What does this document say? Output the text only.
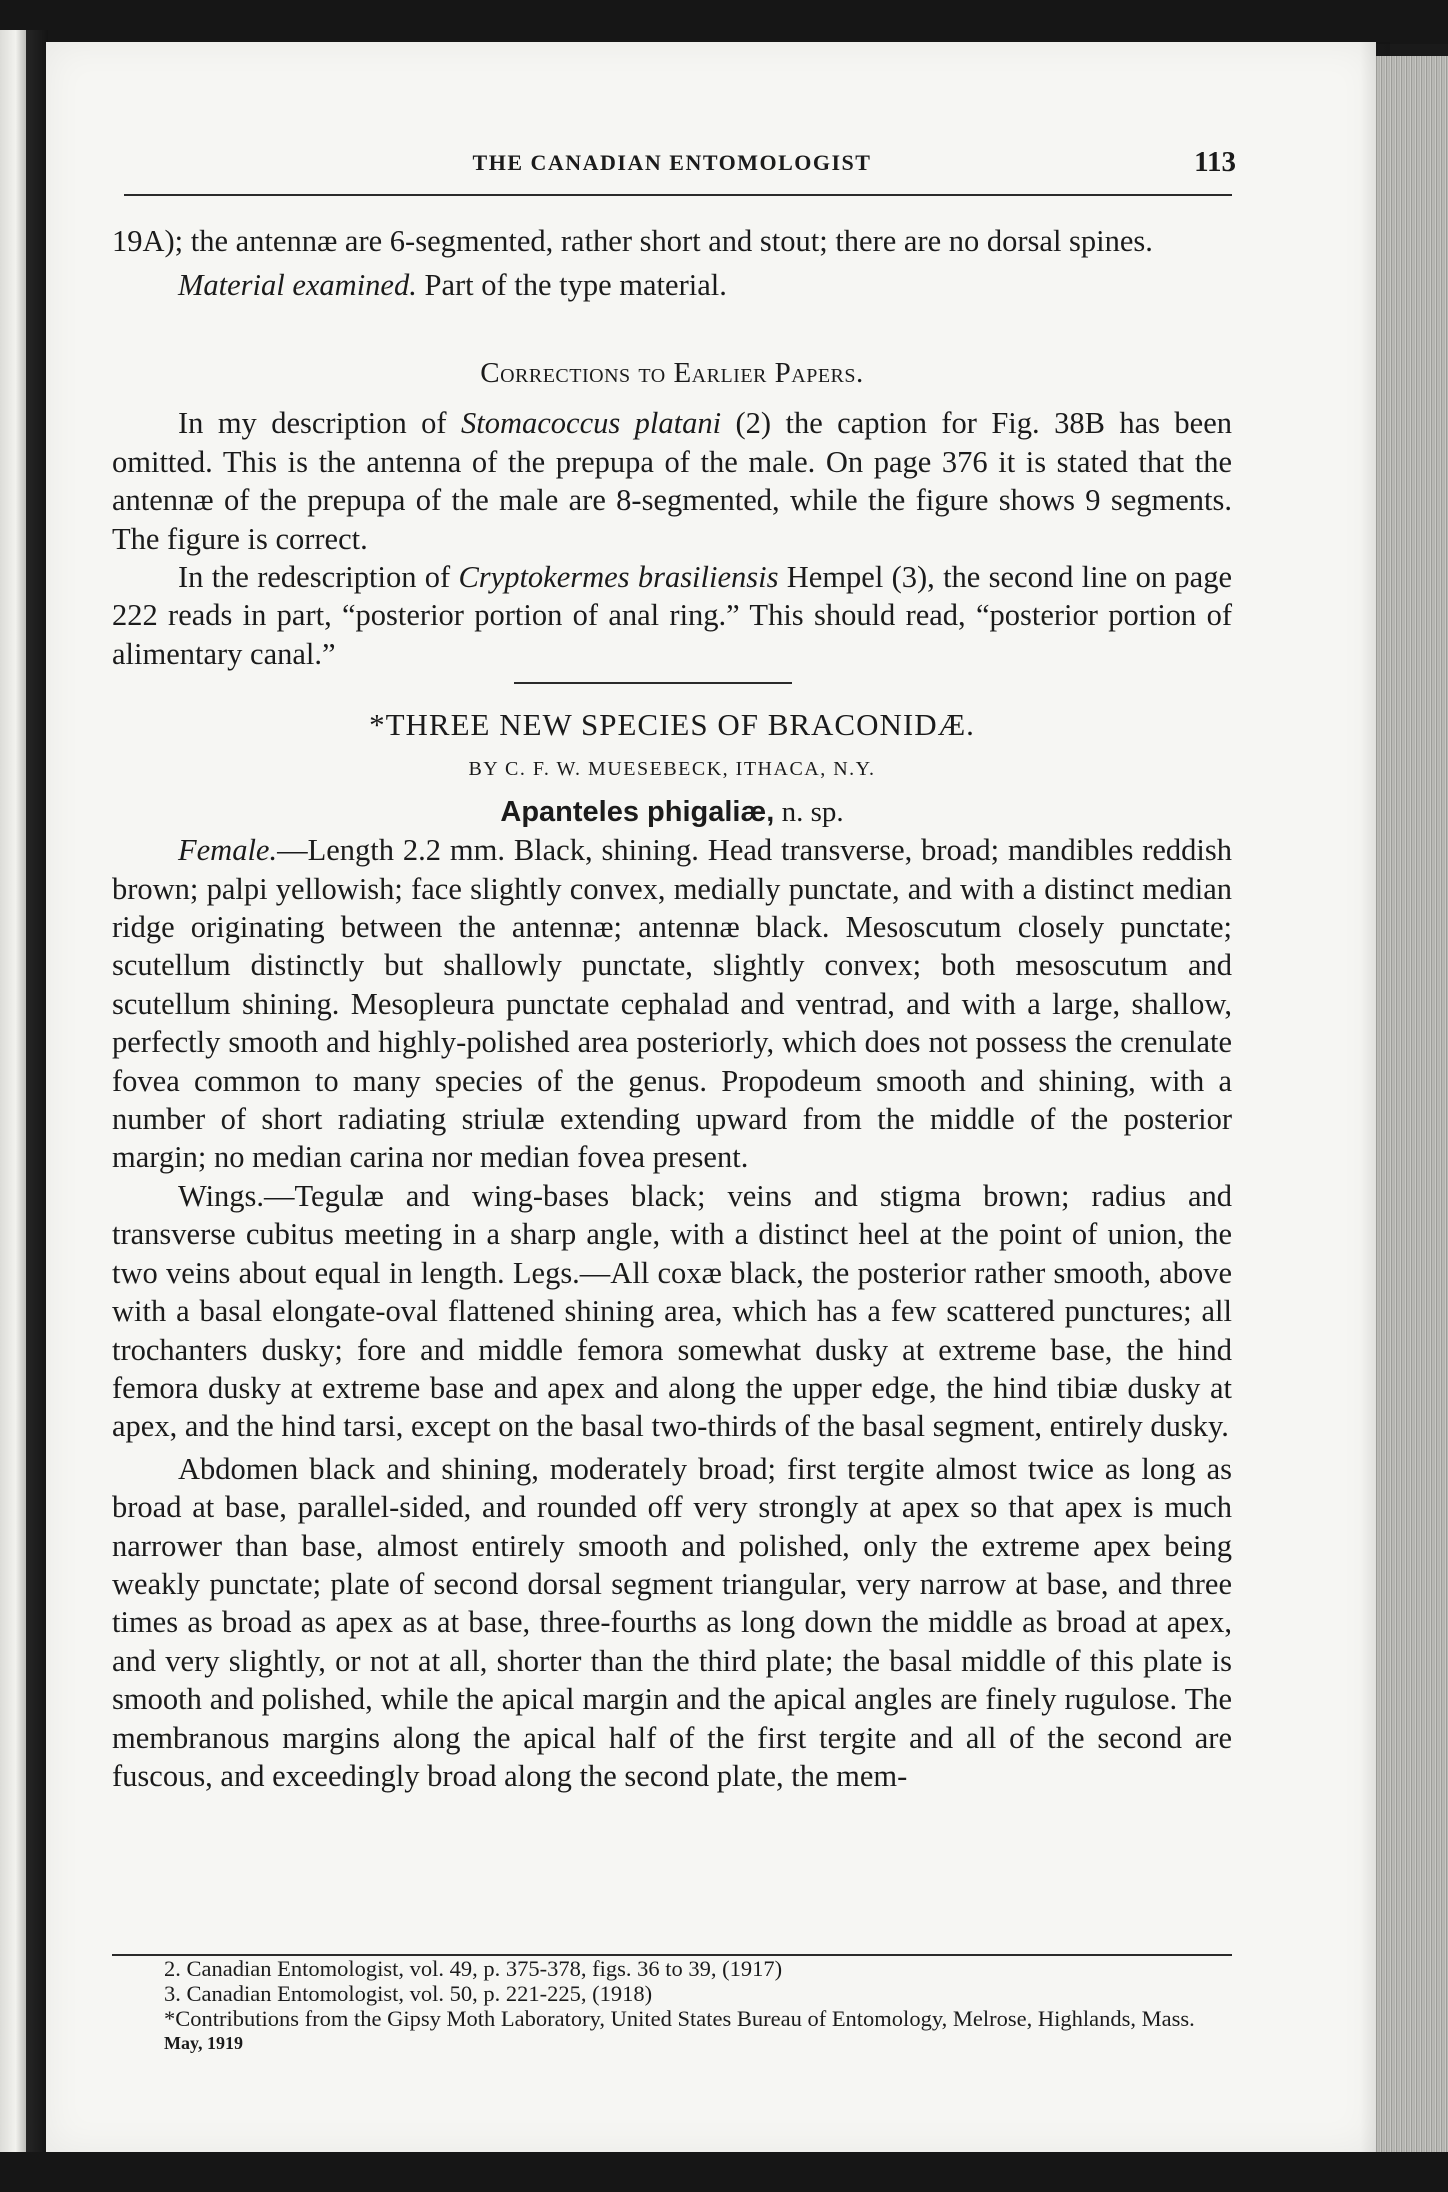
THE CANADIAN ENTOMOLOGIST	113

19A); the antennæ are 6-segmented, rather short and stout; there are no dorsal spines.

Material examined. Part of the type material.

Corrections to Earlier Papers.

In my description of Stomacoccus platani (2) the caption for Fig. 38B has been omitted. This is the antenna of the prepupa of the male. On page 376 it is stated that the antennæ of the prepupa of the male are 8-segmented, while the figure shows 9 segments. The figure is correct.

In the redescription of Cryptokermes brasiliensis Hempel (3), the second line on page 222 reads in part, “posterior portion of anal ring.” This should read, “posterior portion of alimentary canal.”

*THREE NEW SPECIES OF BRACONIDÆ.

BY C. F. W. MUESEBECK, ITHACA, N.Y.

Apanteles phigaliæ, n. sp.

Female.—Length 2.2 mm. Black, shining. Head transverse, broad; mandibles reddish brown; palpi yellowish; face slightly convex, medially punctate, and with a distinct median ridge originating between the antennæ; antennæ black. Mesoscutum closely punctate; scutellum distinctly but shallowly punctate, slightly convex; both mesoscutum and scutellum shining. Mesopleura punctate cephalad and ventrad, and with a large, shallow, perfectly smooth and highly-polished area posteriorly, which does not possess the crenulate fovea common to many species of the genus. Propodeum smooth and shining, with a number of short radiating striulæ extending upward from the middle of the posterior margin; no median carina nor median fovea present.

Wings.—Tegulæ and wing-bases black; veins and stigma brown; radius and transverse cubitus meeting in a sharp angle, with a distinct heel at the point of union, the two veins about equal in length. Legs.—All coxæ black, the posterior rather smooth, above with a basal elongate-oval flattened shining area, which has a few scattered punctures; all trochanters dusky; fore and middle femora somewhat dusky at extreme base, the hind femora dusky at extreme base and apex and along the upper edge, the hind tibiæ dusky at apex, and the hind tarsi, except on the basal two-thirds of the basal segment, entirely dusky.

Abdomen black and shining, moderately broad; first tergite almost twice as long as broad at base, parallel-sided, and rounded off very strongly at apex so that apex is much narrower than base, almost entirely smooth and polished, only the extreme apex being weakly punctate; plate of second dorsal segment triangular, very narrow at base, and three times as broad as apex as at base, three-fourths as long down the middle as broad at apex, and very slightly, or not at all, shorter than the third plate; the basal middle of this plate is smooth and polished, while the apical margin and the apical angles are finely rugulose. The membranous margins along the apical half of the first tergite and all of the second are fuscous, and exceedingly broad along the second plate, the mem-

2. Canadian Entomologist, vol. 49, p. 375-378, figs. 36 to 39, (1917)

3. Canadian Entomologist, vol. 50, p. 221-225, (1918)

*Contributions from the Gipsy Moth Laboratory, United States Bureau of Entomology, Melrose, Highlands, Mass.

May, 1919
